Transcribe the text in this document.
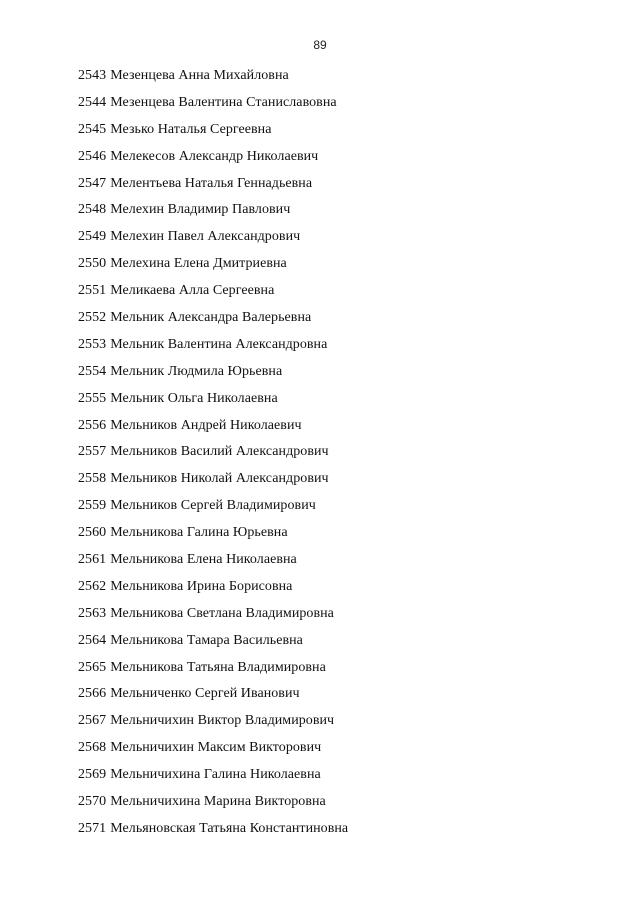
89
2543 Мезенцева Анна Михайловна
2544 Мезенцева Валентина Станиславовна
2545 Мезько Наталья Сергеевна
2546 Мелекесов Александр Николаевич
2547 Мелентьева Наталья Геннадьевна
2548 Мелехин Владимир Павлович
2549 Мелехин Павел Александрович
2550 Мелехина Елена Дмитриевна
2551 Меликаева Алла Сергеевна
2552 Мельник Александра Валерьевна
2553 Мельник Валентина Александровна
2554 Мельник Людмила Юрьевна
2555 Мельник Ольга Николаевна
2556 Мельников Андрей Николаевич
2557 Мельников Василий Александрович
2558 Мельников Николай Александрович
2559 Мельников Сергей Владимирович
2560 Мельникова Галина Юрьевна
2561 Мельникова Елена Николаевна
2562 Мельникова Ирина Борисовна
2563 Мельникова Светлана Владимировна
2564 Мельникова Тамара Васильевна
2565 Мельникова Татьяна Владимировна
2566 Мельниченко Сергей Иванович
2567 Мельничихин Виктор Владимирович
2568 Мельничихин Максим Викторович
2569 Мельничихина Галина Николаевна
2570 Мельничихина Марина Викторовна
2571 Мельяновская Татьяна Константиновна
